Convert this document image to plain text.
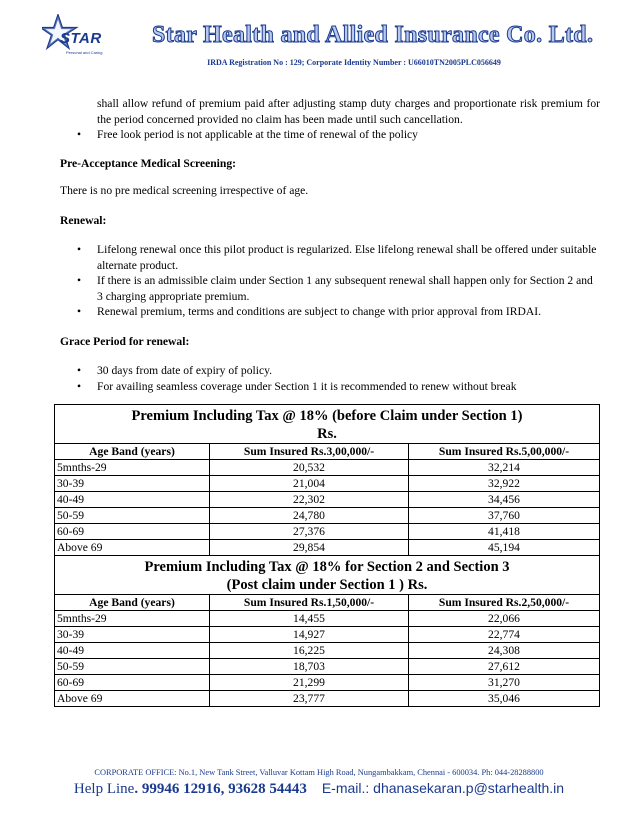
STAR
Personal and Caring
Star Health and Allied Insurance Co. Ltd.
IRDA Registration No : 129; Corporate Identity Number : U66010TN2005PLC056649

shall allow refund of premium paid after adjusting stamp duty charges and proportionate risk premium for the period concerned provided no claim has been made until such cancellation.

• Free look period is not applicable at the time of renewal of the policy

Pre-Acceptance Medical Screening:

There is no pre medical screening irrespective of age.

Renewal:

• Lifelong renewal once this pilot product is regularized. Else lifelong renewal shall be offered under suitable alternate product.
• If there is an admissible claim under Section 1 any subsequent renewal shall happen only for Section 2 and 3 charging appropriate premium.
• Renewal premium, terms and conditions are subject to change with prior approval from IRDAI.

Grace Period for renewal:

• 30 days from date of expiry of policy.
• For availing seamless coverage under Section 1 it is recommended to renew without break
Premium Including Tax @ 18% (before Claim under Section 1)
Rs.		

Age Band (years)	Sum Insured Rs.3,00,000/-	Sum Insured Rs.5,00,000/-
5mnths-29	20,532	32,214
30-39	21,004	32,922
40-49	22,302	34,456
50-59	24,780	37,760
60-69	27,376	41,418
Above 69	29,854	45,194

Premium Including Tax @ 18% for Section 2 and Section 3
(Post claim under Section 1 ) Rs.		

Age Band (years)	Sum Insured Rs.1,50,000/-	Sum Insured Rs.2,50,000/-
5mnths-29	14,455	22,066
30-39	14,927	22,774
40-49	16,225	24,308
50-59	18,703	27,612
60-69	21,299	31,270
Above 69	23,777	35,046
CORPORATE OFFICE: No.1, New Tank Street, Valluvar Kottam High Road, Nungambakkam, Chennai - 600034. Ph: 044-28288800
Help Line. 99946 12916, 93628 54443 E-mail.: dhanasekaran.p@starhealth.in
